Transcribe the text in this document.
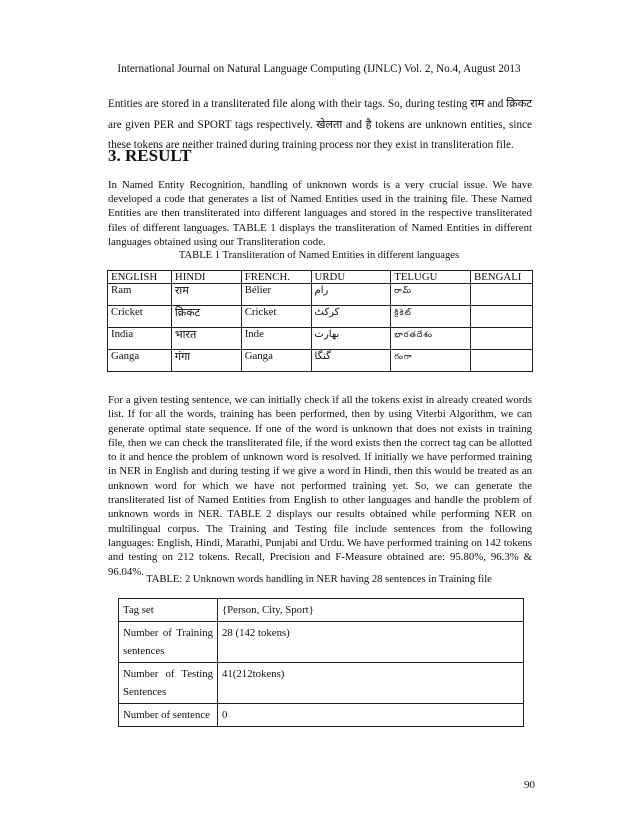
International Journal on Natural Language Computing (IJNLC) Vol. 2, No.4, August 2013
Entities are stored in a transliterated file along with their tags. So, during testing राम and क्रिकट are given PER and SPORT tags respectively. खेलता and है tokens are unknown entities, since these tokens are neither trained during training process nor they exist in transliteration file.
3. RESULT
In Named Entity Recognition, handling of unknown words is a very crucial issue. We have developed a code that generates a list of Named Entities used in the training file. These Named Entities are then transliterated into different languages and stored in the respective transliterated files of different languages. TABLE 1 displays the transliteration of Named Entities in different languages obtained using our Transliteration code.
TABLE 1 Transliteration of Named Entities in different languages
ENGLISH	HINDI	FRENCH.	URDU	TELUGU	BENGALI
Ram	राम	Bélier	رام	రామ్	
Cricket	क्रिकट	Cricket	کرکٹ	క్రికెట్	
India	भारत	Inde	بھارت	భారతదేశం	
Ganga	गंगा	Ganga	گنگا	గంగా	
For a given testing sentence, we can initially check if all the tokens exist in already created words list. If for all the words, training has been performed, then by using Viterbi Algorithm, we can generate optimal state sequence. If one of the word is unknown that does not exists in training file, then we can check the transliterated file, if the word exists then the correct tag can be allotted to it and hence the problem of unknown word is resolved. If initially we have performed training in NER in English and during testing if we give a word in Hindi, then this would be treated as an unknown word for which we have not performed training yet. So, we can generate the transliterated list of Named Entities from English to other languages and handle the problem of unknown words in NER. TABLE 2 displays our results obtained while performing NER on multilingual corpus. The Training and Testing file include sentences from the following languages: English, Hindi, Marathi, Punjabi and Urdu. We have performed training on 142 tokens and testing on 212 tokens. Recall, Precision and F-Measure obtained are: 95.80%, 96.3% & 96.04%.
TABLE: 2 Unknown words handling in NER having 28 sentences in Training file
Tag set	{Person, City, Sport}
Number of Training sentences	28 (142 tokens)
Number of Testing Sentences	41(212tokens)
Number of sentence	0
90
